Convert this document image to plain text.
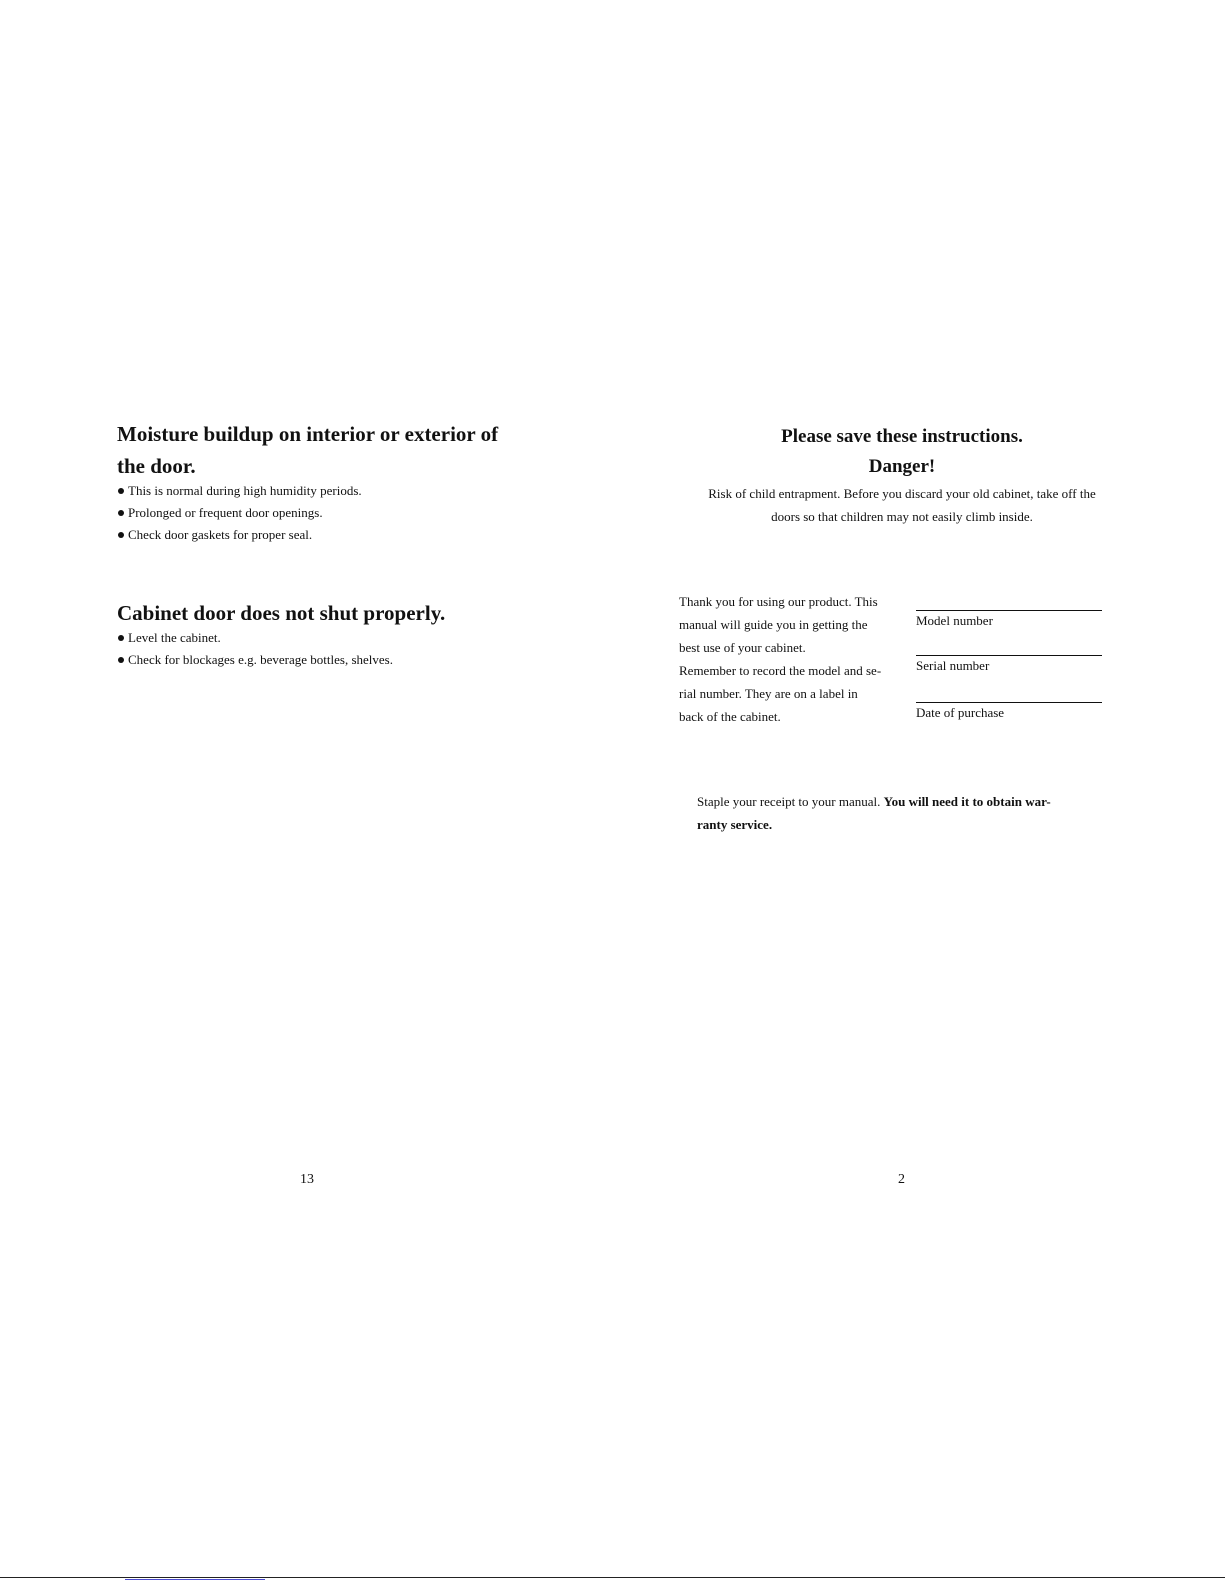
Moisture buildup on interior or exterior of
the door.

This is normal during high humidity periods.
Prolonged or frequent door openings.
Check door gaskets for proper seal.

Cabinet door does not shut properly.

Level the cabinet.
Check for blockages e.g. beverage bottles, shelves.
13
Please save these instructions.
Danger!
Risk of child entrapment. Before you discard your old cabinet, take off the
doors so that children may not easily climb inside.
Thank you for using our product. This
manual will guide you in getting the
best use of your cabinet.
Remember to record the model and se-
rial number. They are on a label in
back of the cabinet.
Model number
Serial number
Date of purchase
Staple your receipt to your manual. You will need it to obtain war-
ranty service.
2
